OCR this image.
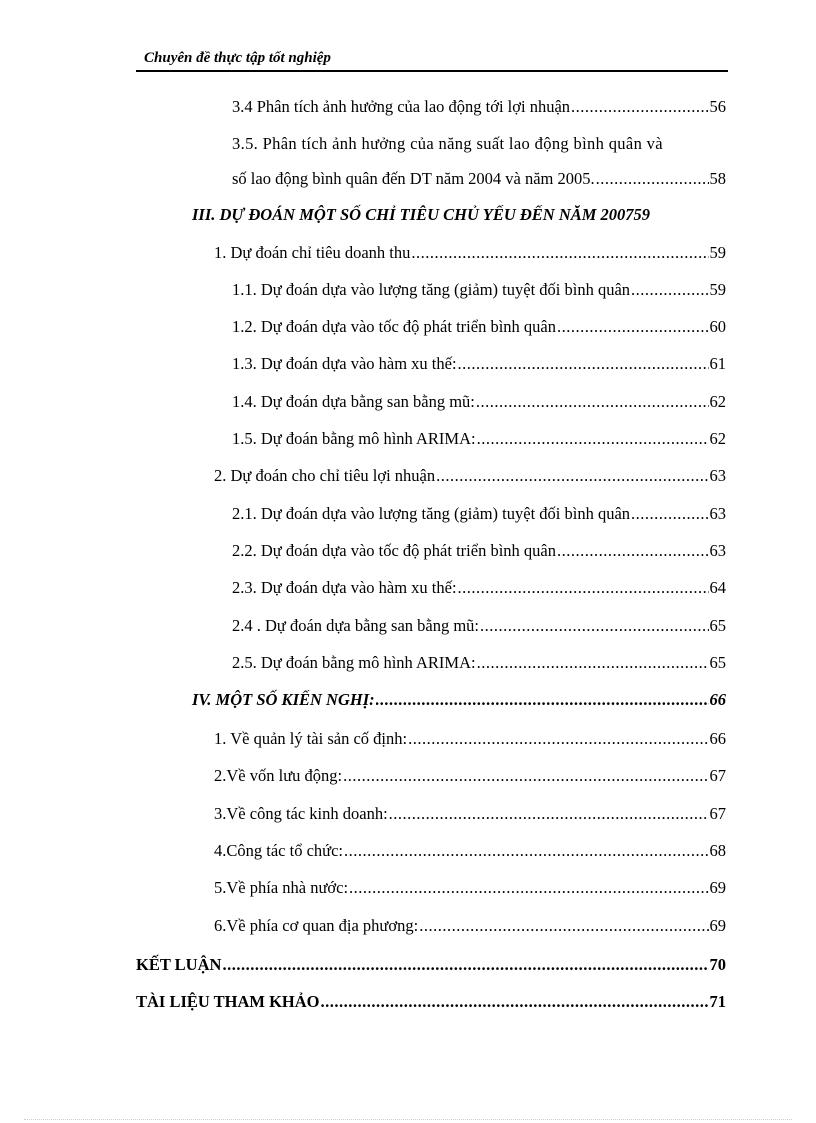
Chuyên đề thực tập tốt nghiệp
3.4 Phân tích ảnh hưởng của lao động tới lợi nhuận .....	56
3.5. Phân tích ảnh hưởng của năng suất lao động bình quân và
số lao động bình quân đến DT năm 2004 và năm 2005. .....	58
III. DỰ ĐOÁN MỘT SỐ CHỈ TIÊU CHỦ YẾU ĐẾN NĂM 2007 59
1. Dự đoán chỉ tiêu doanh thu .....	59
1.1. Dự đoán dựa vào lượng tăng (giảm) tuyệt đối bình quân .....	59
1.2. Dự đoán dựa vào tốc độ phát triển bình quân .....	60
1.3. Dự đoán dựa vào hàm xu thế: .....	61
1.4. Dự đoán dựa bằng san bằng mũ: .....	62
1.5. Dự đoán bằng mô hình ARIMA: .....	62
2. Dự đoán cho chỉ tiêu lợi nhuận .....	63
2.1. Dự đoán dựa vào lượng tăng (giảm) tuyệt đối bình quân .....	63
2.2. Dự đoán dựa vào tốc độ phát triển bình quân .....	63
2.3. Dự đoán dựa vào hàm xu thế: .....	64
2.4 . Dự đoán dựa bằng san bằng mũ: .....	65
2.5. Dự đoán bằng mô hình ARIMA: .....	65
IV. MỘT SỐ KIẾN NGHỊ: .....	66
1. Về quản lý tài sản cố định: .....	66
2.Về vốn lưu động: .....	67
3.Về công tác kinh doanh: .....	67
4.Công tác tổ chức: .....	68
5.Về phía nhà nước: .....	69
6.Về phía cơ quan địa phương: .....	69
KẾT LUẬN .....	70
TÀI LIỆU THAM KHẢO .....	71
